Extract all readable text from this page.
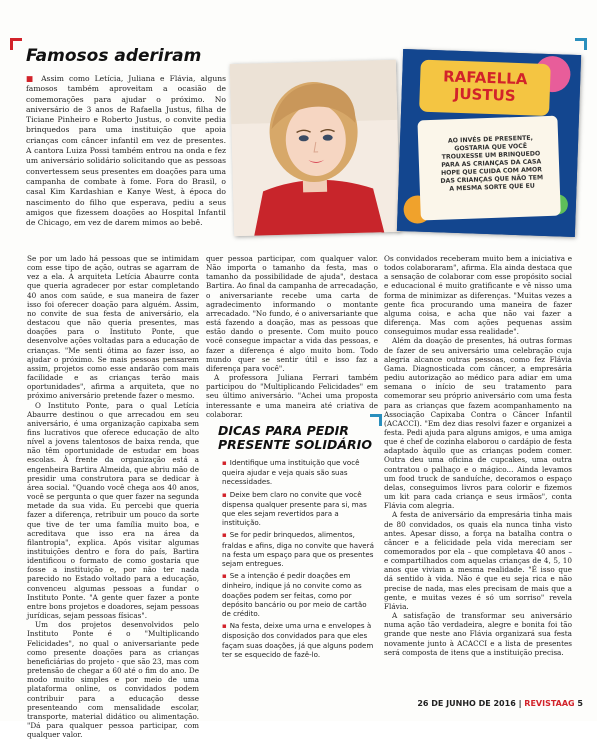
Famosos aderiram
■ Assim como Letícia, Juliana e Flávia, alguns famosos também aproveitam a ocasião de comemorações para ajudar o próximo. No aniversário de 3 anos de Rafaella Justus, filha de Ticiane Pinheiro e Roberto Justus, o convite pedia brinquedos para uma instituição que apoia crianças com câncer infantil em vez de presentes. A cantora Luiza Possi também entrou na onda e fez um aniversário solidário solicitando que as pessoas convertessem seus presentes em doações para uma campanha de combate à fome. Fora do Brasil, o casal Kim Kardashian e Kanye West, à época do nascimento do filho que esperava, pediu a seus amigos que fizessem doações ao Hospital Infantil de Chicago, em vez de darem mimos ao bebê.
RAFAELLA JUSTUS
AO INVÉS DE PRESENTE, GOSTARIA QUE VOCÊ TROUXESSE UM BRINQUEDO PARA AS CRIANÇAS DA CASA HOPE QUE CUIDA COM AMOR DAS CRIANÇAS QUE NÃO TEM A MESMA SORTE QUE EU

Se por um lado há pessoas que se intimidam com esse tipo de ação, outras se agarram de vez a ela. A arquiteta Letícia Abaurre conta que queria agradecer por estar completando 40 anos com saúde, e sua maneira de fazer isso foi oferecer doação para alguém. Assim, no convite de sua festa de aniversário, ela destacou que não queria presentes, mas doações para o Instituto Ponte, que desenvolve ações voltadas para a educação de crianças. "Me senti ótima ao fazer isso, ao ajudar o próximo. Se mais pessoas pensarem assim, projetos como esse andarão com mais facilidade e as crianças terão mais oportunidades", afirma a arquiteta, que no próximo aniversário pretende fazer o mesmo.

O Instituto Ponte, para o qual Letícia Abaurre destinou o que arrecadou em seu aniversário, é uma organização capixaba sem fins lucrativos que oferece educação de alto nível a jovens talentosos de baixa renda, que não têm oportunidade de estudar em boas escolas. À frente da organização está a engenheira Bartira Almeida, que abriu mão de presidir uma construtora para se dedicar à área social. "Quando você chega aos 40 anos, você se pergunta o que quer fazer na segunda metade da sua vida. Eu percebi que queria fazer a diferença, retribuir um pouco da sorte que tive de ter uma família muito boa, e acreditava que isso era na área da filantropia", explica. Após visitar algumas instituições dentro e fora do país, Bartira identificou o formato de como gostaria que fosse a instituição e, por não ter nada parecido no Estado voltado para a educação, convenceu algumas pessoas a fundar o Instituto Ponte. "A gente quer fazer a ponte entre bons projetos e doadores, sejam pessoas jurídicas, sejam pessoas físicas".

Um dos projetos desenvolvidos pelo Instituto Ponte é o "Multiplicando Felicidades", no qual o aniversariante pede como presente doações para as crianças beneficiárias do projeto - que são 23, mas com pretensão de chegar a 60 até o fim do ano. De modo muito simples e por meio de uma plataforma online, os convidados podem contribuir para a educação desse presenteando com mensalidade escolar, transporte, material didático ou alimentação. "Dá para qualquer pessoa participar, com qualquer valor.

quer pessoa participar, com qualquer valor. Não importa o tamanho da festa, mas o tamanho da possibilidade de ajuda", destaca Bartira. Ao final da campanha de arrecadação, o aniversariante recebe uma carta de agradecimento informando o montante arrecadado. "No fundo, é o aniversariante que está fazendo a doação, mas as pessoas que estão dando o presente. Com muito pouco você consegue impactar a vida das pessoas, e fazer a diferença é algo muito bom. Todo mundo quer se sentir útil e isso faz a diferença para você".

A professora Juliana Ferrari também participou do "Multiplicando Felicidades" em seu último aniversário. "Achei uma proposta interessante e uma maneira até criativa de colaborar.

DICAS PARA PEDIR PRESENTE SOLIDÁRIO
▪ Identifique uma instituição que você queira ajudar e veja quais são suas necessidades.
▪ Deixe bem claro no convite que você dispensa qualquer presente para si, mas que eles sejam revertidos para a instituição.
▪ Se for pedir brinquedos, alimentos, fraldas e afins, diga no convite que haverá na festa um espaço para que os presentes sejam entregues.
▪ Se a intenção é pedir doações em dinheiro, indique já no convite como as doações podem ser feitas, como por depósito bancário ou por meio de cartão de crédito.
▪ Na festa, deixe uma urna e envelopes à disposição dos convidados para que eles façam suas doações, já que alguns podem ter se esquecido de fazê-lo.

Os convidados receberam muito bem a iniciativa e todos colaboraram", afirma. Ela ainda destaca que a sensação de colaborar com esse propósito social e educacional é muito gratificante e vê nisso uma forma de minimizar as diferenças. "Muitas vezes a gente fica procurando uma maneira de fazer alguma coisa, e acha que não vai fazer a diferença. Mas com ações pequenas assim conseguimos mudar essa realidade".

Além da doação de presentes, há outras formas de fazer de seu aniversário uma celebração cuja alegria alcance outras pessoas, como fez Flávia Gama. Diagnosticada com câncer, a empresária pediu autorização ao médico para adiar em uma semana o início de seu tratamento para comemorar seu próprio aniversário com uma festa para as crianças que fazem acompanhamento na Associação Capixaba Contra o Câncer Infantil (ACACCI). "Em dez dias resolvi fazer e organizei a festa. Pedi ajuda para alguns amigos, e uma amiga que é chef de cozinha elaborou o cardápio de festa adaptado àquilo que as crianças podem comer. Outra deu uma oficina de cupcakes, uma outra contratou o palhaço e o mágico... Ainda levamos um food truck de sanduíche, decoramos o espaço delas, conseguimos livros para colorir e fizemos um kit para cada criança e seus irmãos", conta Flávia com alegria.

A festa de aniversário da empresária tinha mais de 80 convidados, os quais ela nunca tinha visto antes. Apesar disso, a força na batalha contra o câncer e a felicidade pela vida mereciam ser comemorados por ela – que completava 40 anos – e compartilhados com aquelas crianças de 4, 5, 10 anos que viviam a mesma realidade. "É isso que dá sentido à vida. Não é que eu seja rica e não precise de nada, mas eles precisam de mais que a gente, e muitas vezes é só um sorriso" revela Flávia.

A satisfação de transformar seu aniversário numa ação tão verdadeira, alegre e bonita foi tão grande que neste ano Flávia organizará sua festa novamente junto à ACACCI e a lista de presentes será composta de itens que a instituição precisa.

26 DE JUNHO DE 2016 | REVISTAAG 5
